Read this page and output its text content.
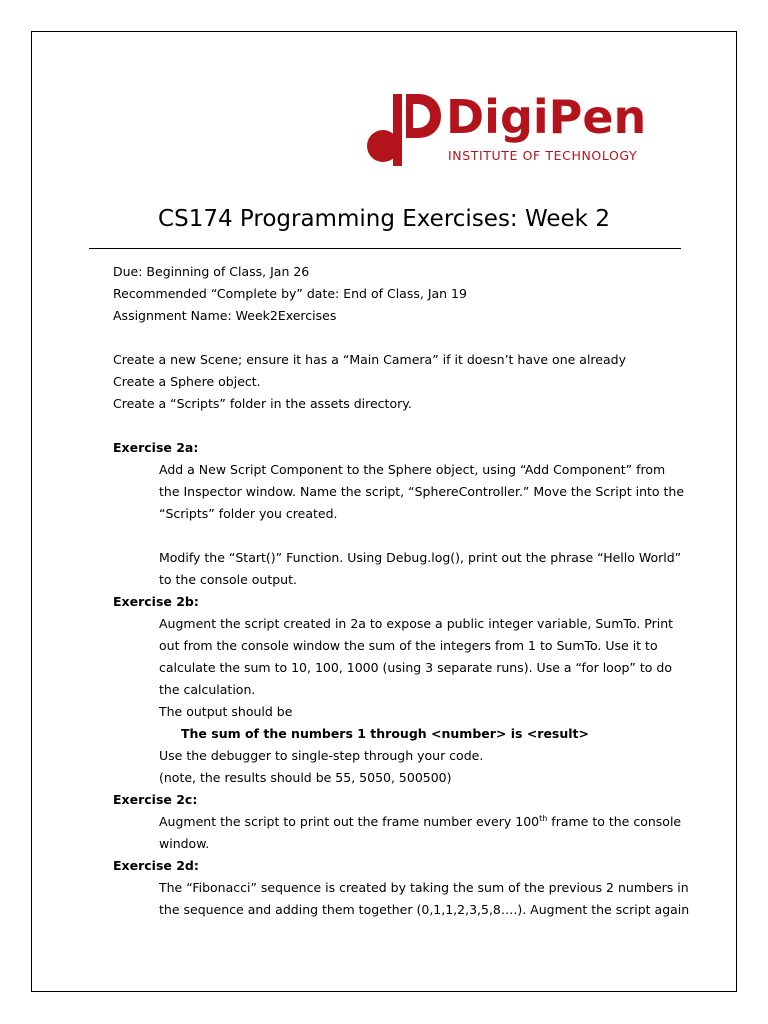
DigiPen
INSTITUTE OF TECHNOLOGY
CS174 Programming Exercises: Week 2
Due: Beginning of Class, Jan 26
Recommended “Complete by” date: End of Class, Jan 19
Assignment Name: Week2Exercises
Create a new Scene; ensure it has a “Main Camera” if it doesn’t have one already
Create a Sphere object.
Create a “Scripts” folder in the assets directory.
Exercise 2a:
Add a New Script Component to the Sphere object, using “Add Component” from
the Inspector window. Name the script, “SphereController.” Move the Script into the
“Scripts” folder you created.
Modify the “Start()” Function. Using Debug.log(), print out the phrase “Hello World”
to the console output.
Exercise 2b:
Augment the script created in 2a to expose a public integer variable, SumTo. Print
out from the console window the sum of the integers from 1 to SumTo. Use it to
calculate the sum to 10, 100, 1000 (using 3 separate runs). Use a “for loop” to do
the calculation.
The output should be
The sum of the numbers 1 through <number> is <result>
Use the debugger to single-step through your code.
(note, the results should be 55, 5050, 500500)
Exercise 2c:
Augment the script to print out the frame number every 100th frame to the console
window.
Exercise 2d:
The “Fibonacci” sequence is created by taking the sum of the previous 2 numbers in
the sequence and adding them together (0,1,1,2,3,5,8….). Augment the script again
